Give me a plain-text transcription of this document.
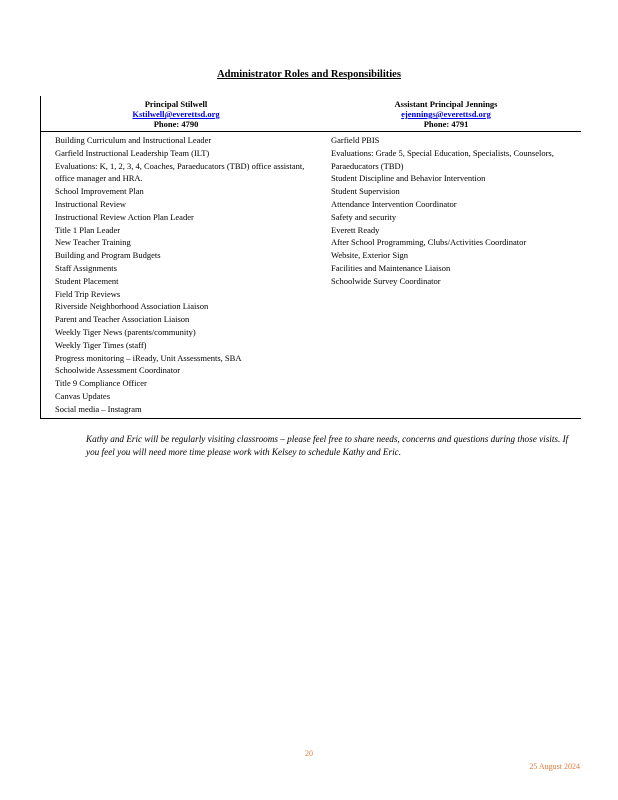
Administrator Roles and Responsibilities
Principal Stilwell
Kstilwell@everettsd.org
Phone: 4790
Assistant Principal Jennings
ejennings@everettsd.org
Phone: 4791
Building Curriculum and Instructional Leader
Garfield Instructional Leadership Team (ILT)
Evaluations: K, 1, 2, 3, 4, Coaches, Paraeducators (TBD) office assistant, office manager and HRA.
School Improvement Plan
Instructional Review
Instructional Review Action Plan Leader
Title 1 Plan Leader
New Teacher Training
Building and Program Budgets
Staff Assignments
Student Placement
Field Trip Reviews
Riverside Neighborhood Association Liaison
Parent and Teacher Association Liaison
Weekly Tiger News (parents/community)
Weekly Tiger Times (staff)
Progress monitoring – iReady, Unit Assessments, SBA
Schoolwide Assessment Coordinator
Title 9 Compliance Officer
Canvas Updates
Social media – Instagram
Garfield PBIS
Evaluations: Grade 5, Special Education, Specialists, Counselors, Paraeducators (TBD)
Student Discipline and Behavior Intervention
Student Supervision
Attendance Intervention Coordinator
Safety and security
Everett Ready
After School Programming, Clubs/Activities Coordinator
Website, Exterior Sign
Facilities and Maintenance Liaison
Schoolwide Survey Coordinator
Kathy and Eric will be regularly visiting classrooms – please feel free to share needs, concerns and questions during those visits. If you feel you will need more time please work with Kelsey to schedule Kathy and Eric.
20
25 August 2024
